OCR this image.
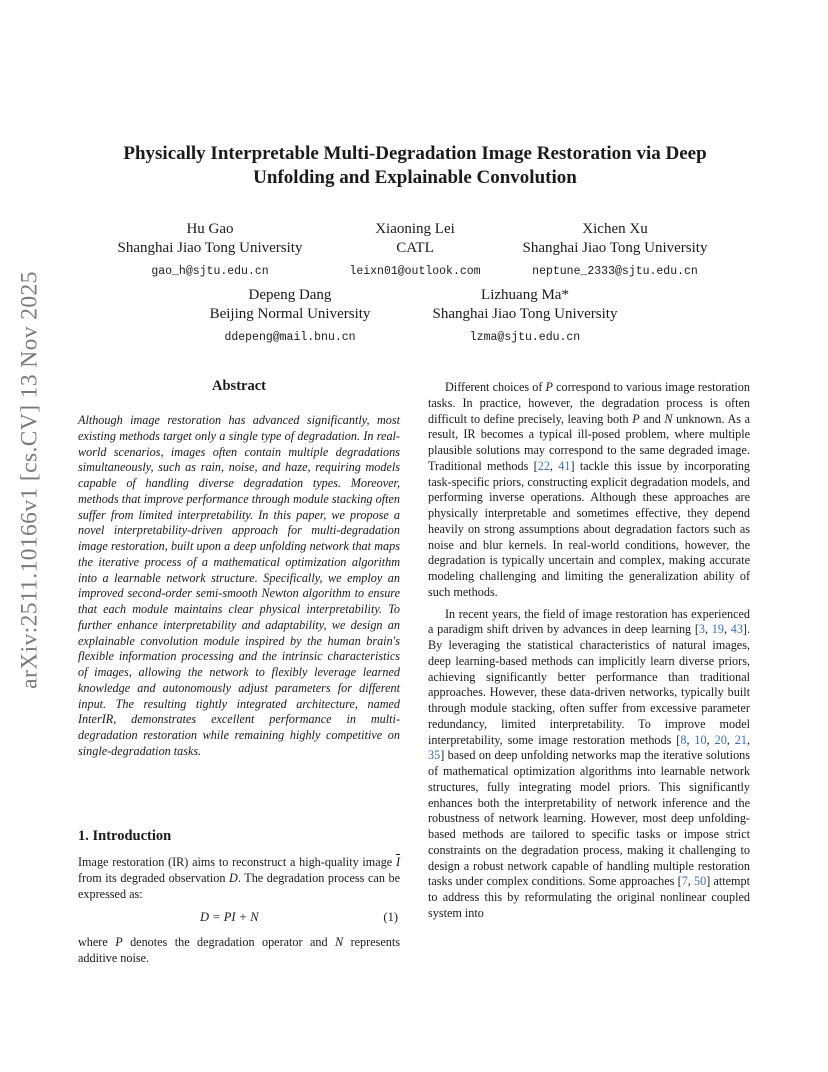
arXiv:2511.10166v1 [cs.CV] 13 Nov 2025
Physically Interpretable Multi-Degradation Image Restoration via Deep
Unfolding and Explainable Convolution
Hu Gao
Shanghai Jiao Tong University
gao_h@sjtu.edu.cn
Xiaoning Lei
CATL
leixn01@outlook.com
Xichen Xu
Shanghai Jiao Tong University
neptune_2333@sjtu.edu.cn
Depeng Dang
Beijing Normal University
ddepeng@mail.bnu.cn
Lizhuang Ma*
Shanghai Jiao Tong University
lzma@sjtu.edu.cn
Abstract

Although image restoration has advanced significantly, most existing methods target only a single type of degradation. In real-world scenarios, images often contain multiple degradations simultaneously, such as rain, noise, and haze, requiring models capable of handling diverse degradation types. Moreover, methods that improve performance through module stacking often suffer from limited interpretability. In this paper, we propose a novel interpretability-driven approach for multi-degradation image restoration, built upon a deep unfolding network that maps the iterative process of a mathematical optimization algorithm into a learnable network structure. Specifically, we employ an improved second-order semi-smooth Newton algorithm to ensure that each module maintains clear physical interpretability. To further enhance interpretability and adaptability, we design an explainable convolution module inspired by the human brain's flexible information processing and the intrinsic characteristics of images, allowing the network to flexibly leverage learned knowledge and autonomously adjust parameters for different input. The resulting tightly integrated architecture, named InterIR, demonstrates excellent performance in multi-degradation restoration while remaining highly competitive on single-degradation tasks.

1. Introduction

Image restoration (IR) aims to reconstruct a high-quality image $\overline{I}$ from its degraded observation D. The degradation process can be expressed as:

D = PI + N	(1)

where P denotes the degradation operator and N represents additive noise.

Different choices of P correspond to various image restoration tasks. In practice, however, the degradation process is often difficult to define precisely, leaving both P and N unknown. As a result, IR becomes a typical ill-posed problem, where multiple plausible solutions may correspond to the same degraded image. Traditional methods [22, 41] tackle this issue by incorporating task-specific priors, constructing explicit degradation models, and performing inverse operations. Although these approaches are physically interpretable and sometimes effective, they depend heavily on strong assumptions about degradation factors such as noise and blur kernels. In real-world conditions, however, the degradation is typically uncertain and complex, making accurate modeling challenging and limiting the generalization ability of such methods.

In recent years, the field of image restoration has experienced a paradigm shift driven by advances in deep learning [3, 19, 43]. By leveraging the statistical characteristics of natural images, deep learning-based methods can implicitly learn diverse priors, achieving significantly better performance than traditional approaches. However, these data-driven networks, typically built through module stacking, often suffer from excessive parameter redundancy, limited interpretability. To improve model interpretability, some image restoration methods [8, 10, 20, 21, 35] based on deep unfolding networks map the iterative solutions of mathematical optimization algorithms into learnable network structures, fully integrating model priors. This significantly enhances both the interpretability of network inference and the robustness of network learning. However, most deep unfolding-based methods are tailored to specific tasks or impose strict constraints on the degradation process, making it challenging to design a robust network capable of handling multiple restoration tasks under complex conditions. Some approaches [7, 50] attempt to address this by reformulating the original nonlinear coupled system into
